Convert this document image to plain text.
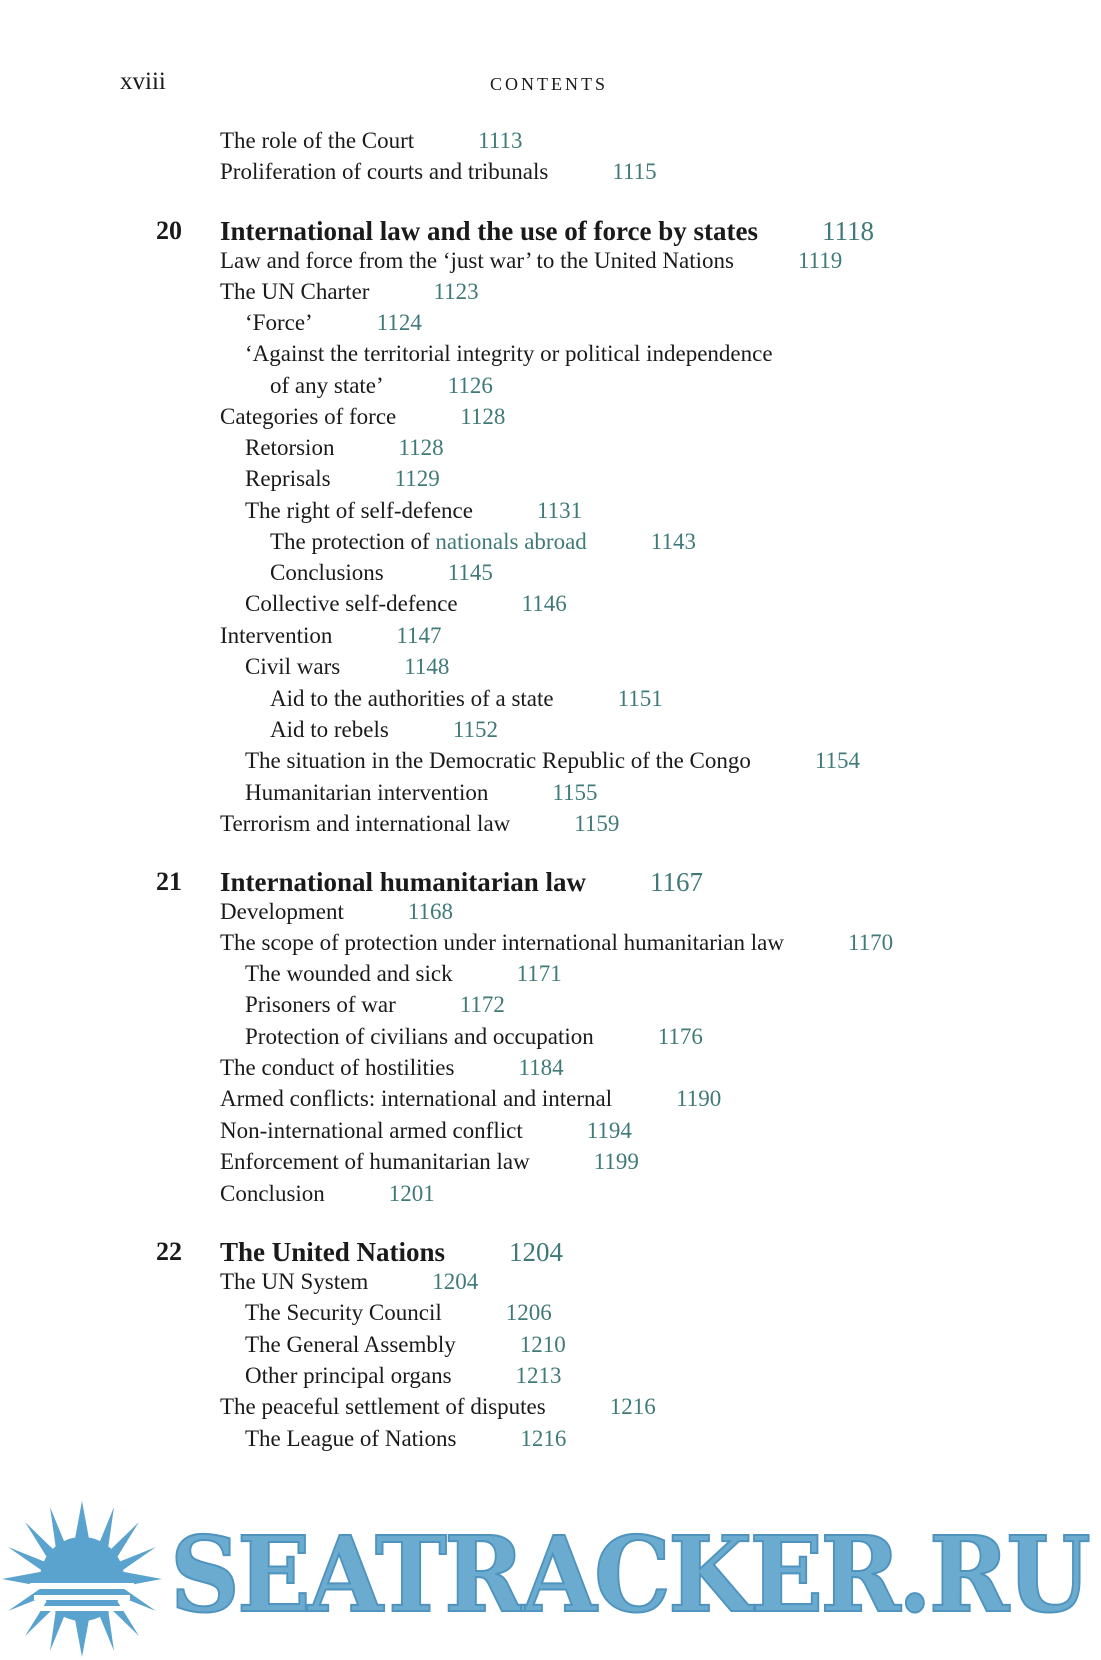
xviii	CONTENTS
The role of the Court	1113
Proliferation of courts and tribunals	1115
20 International law and the use of force by states 1118
Law and force from the ‘just war’ to the United Nations	1119
The UN Charter	1123
‘Force’	1124
‘Against the territorial integrity or political independence
of any state’	1126
Categories of force	1128
Retorsion	1128
Reprisals	1129
The right of self-defence	1131
The protection of nationals abroad	1143
Conclusions	1145
Collective self-defence	1146
Intervention	1147
Civil wars	1148
Aid to the authorities of a state	1151
Aid to rebels	1152
The situation in the Democratic Republic of the Congo	1154
Humanitarian intervention	1155
Terrorism and international law	1159
21 International humanitarian law 1167
Development	1168
The scope of protection under international humanitarian law	1170
The wounded and sick	1171
Prisoners of war	1172
Protection of civilians and occupation	1176
The conduct of hostilities	1184
Armed conflicts: international and internal	1190
Non-international armed conflict	1194
Enforcement of humanitarian law	1199
Conclusion	1201
22 The United Nations 1204
The UN System	1204
The Security Council	1206
The General Assembly	1210
Other principal organs	1213
The peaceful settlement of disputes	1216
The League of Nations	1216
SEATRACKER.RU
